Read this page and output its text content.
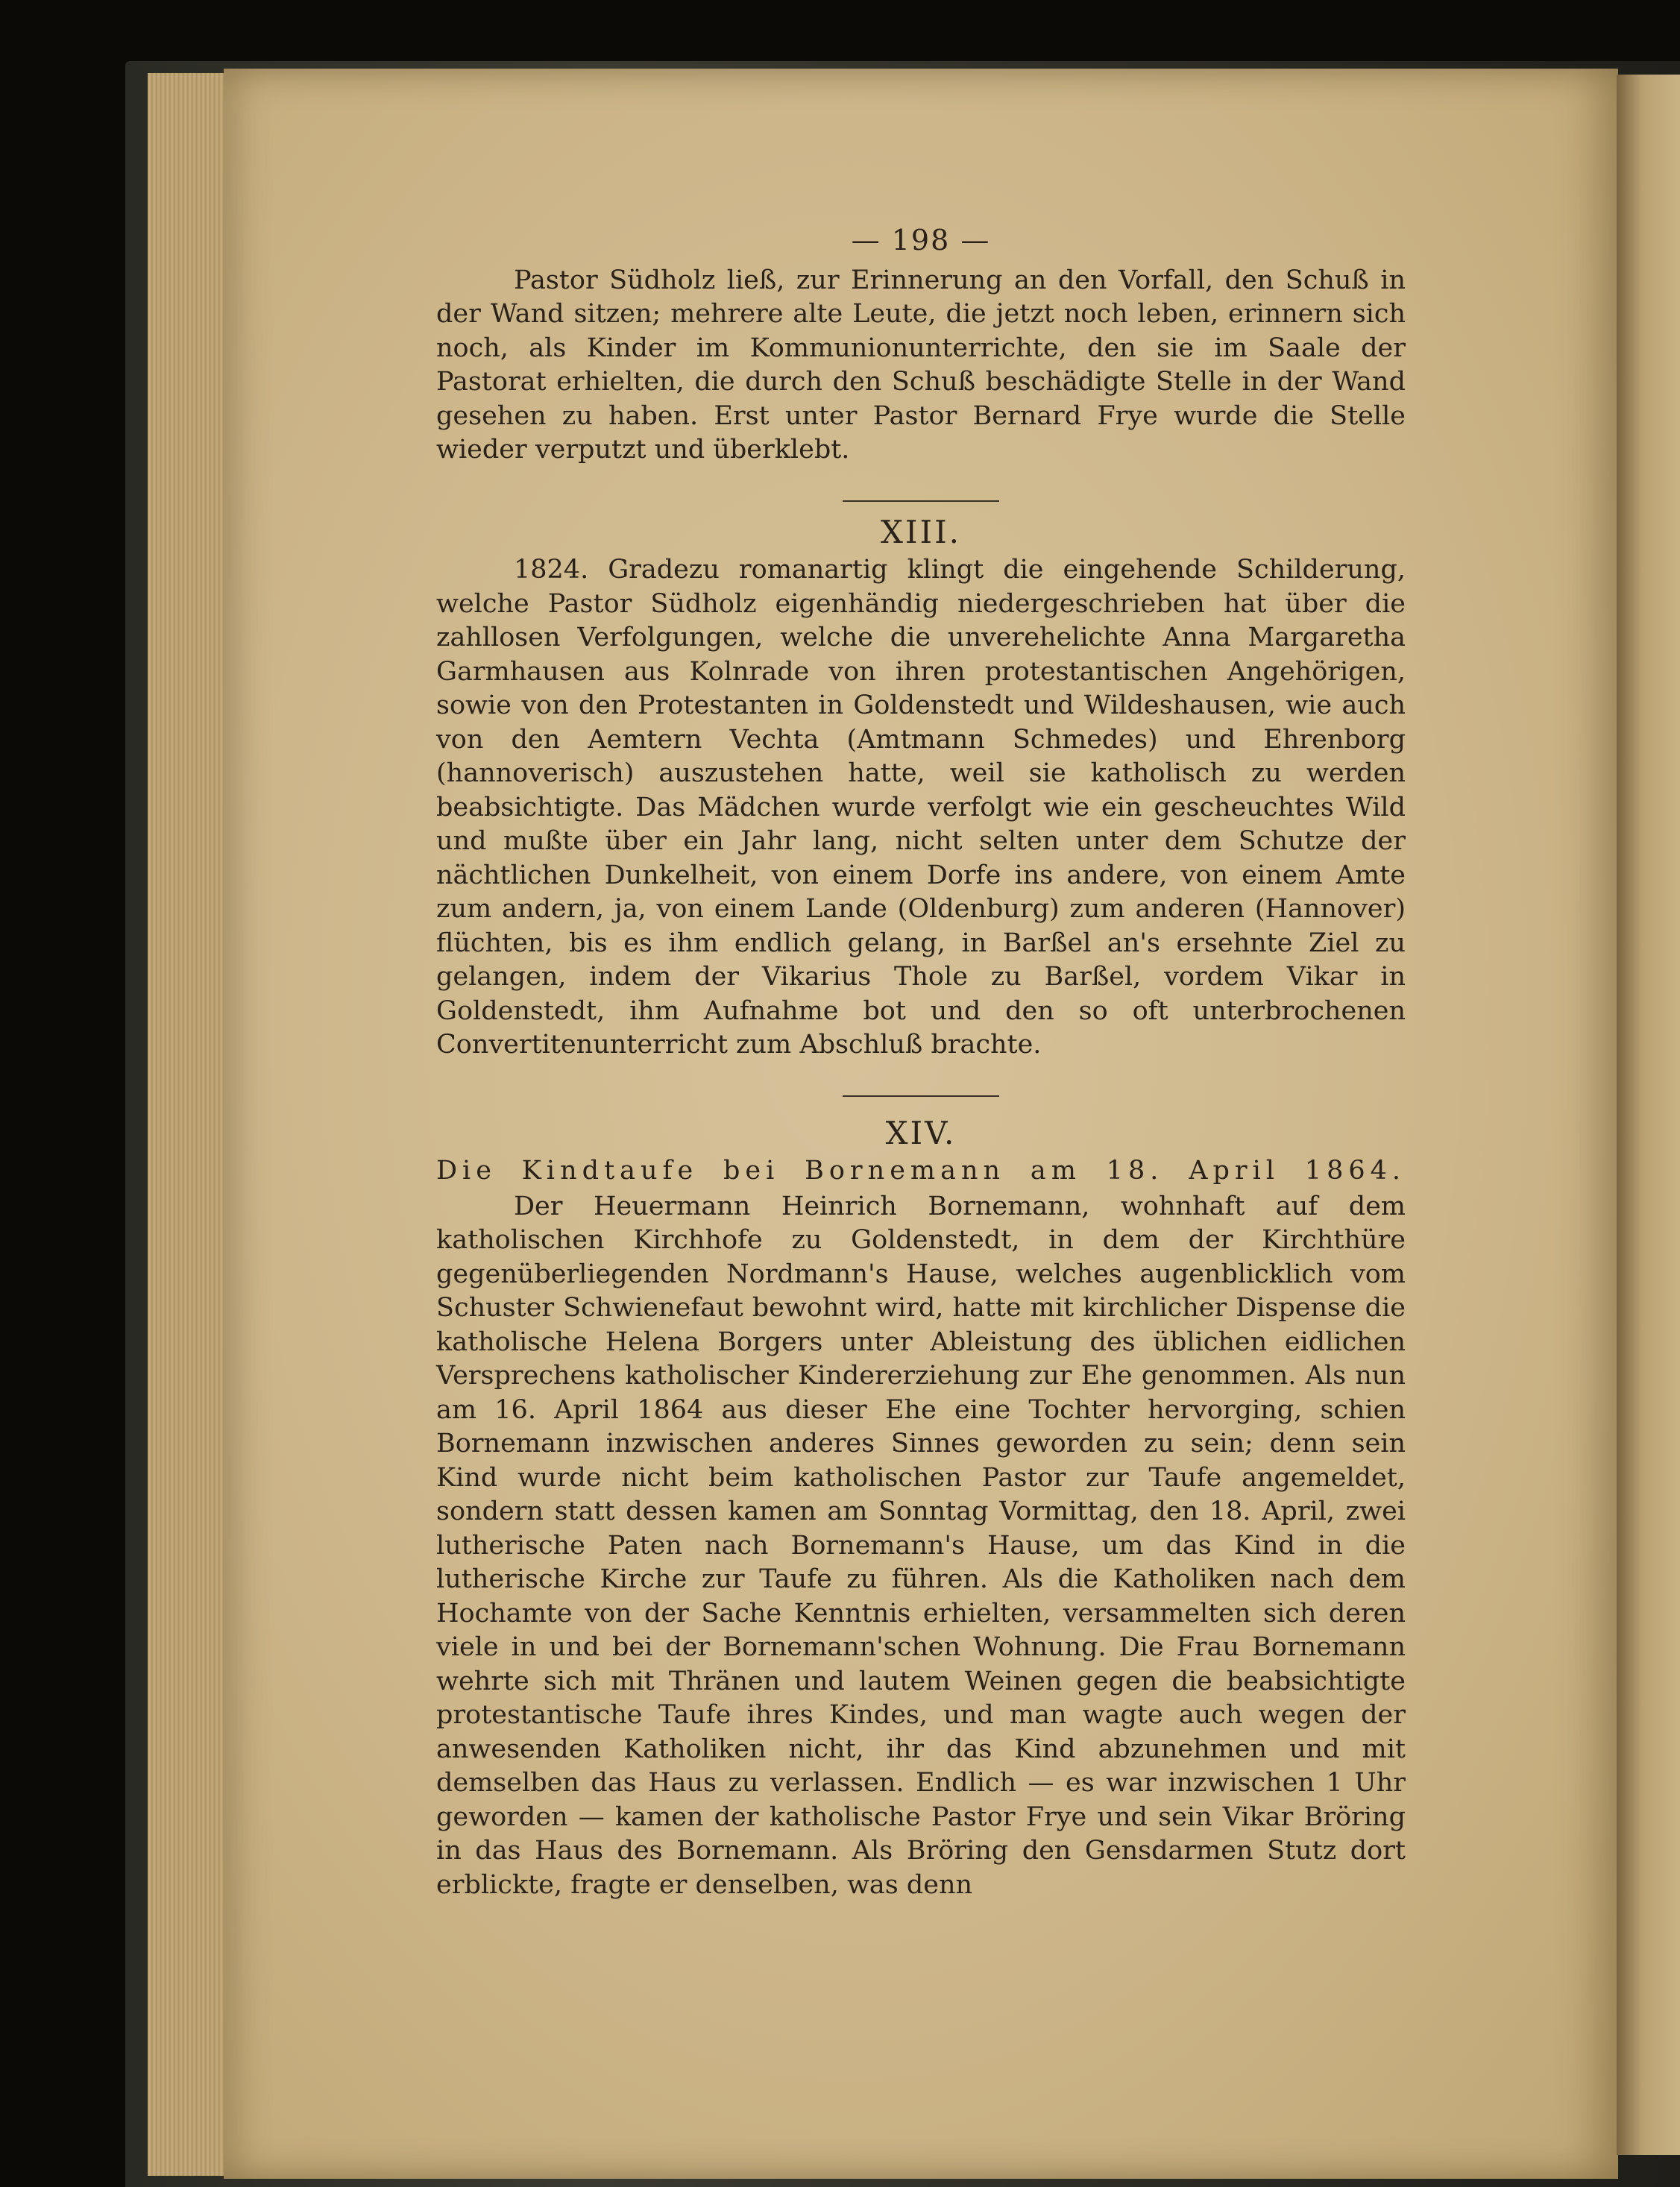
— 198 —

Pastor Südholz ließ, zur Erinnerung an den Vorfall, den Schuß in der Wand sitzen; mehrere alte Leute, die jetzt noch leben, erinnern sich noch, als Kinder im Kommunionunterrichte, den sie im Saale der Pastorat erhielten, die durch den Schuß beschädigte Stelle in der Wand gesehen zu haben. Erst unter Pastor Bernard Frye wurde die Stelle wieder verputzt und überklebt.

XIII.

1824. Gradezu romanartig klingt die eingehende Schilderung, welche Pastor Südholz eigenhändig niedergeschrieben hat über die zahllosen Verfolgungen, welche die unverehelichte Anna Margaretha Garmhausen aus Kolnrade von ihren protestantischen Angehörigen, sowie von den Protestanten in Goldenstedt und Wildeshausen, wie auch von den Aemtern Vechta (Amtmann Schmedes) und Ehrenborg (hannoverisch) auszustehen hatte, weil sie katholisch zu werden beabsichtigte. Das Mädchen wurde verfolgt wie ein gescheuchtes Wild und mußte über ein Jahr lang, nicht selten unter dem Schutze der nächtlichen Dunkelheit, von einem Dorfe ins andere, von einem Amte zum andern, ja, von einem Lande (Oldenburg) zum anderen (Hannover) flüchten, bis es ihm endlich gelang, in Barßel an's ersehnte Ziel zu gelangen, indem der Vikarius Thole zu Barßel, vordem Vikar in Goldenstedt, ihm Aufnahme bot und den so oft unterbrochenen Convertitenunterricht zum Abschluß brachte.

XIV.
Die Kindtaufe bei Bornemann am 18. April 1864.

Der Heuermann Heinrich Bornemann, wohnhaft auf dem katholischen Kirchhofe zu Goldenstedt, in dem der Kirchthüre gegenüberliegenden Nordmann's Hause, welches augenblicklich vom Schuster Schwienefaut bewohnt wird, hatte mit kirchlicher Dispense die katholische Helena Borgers unter Ableistung des üblichen eidlichen Versprechens katholischer Kindererziehung zur Ehe genommen. Als nun am 16. April 1864 aus dieser Ehe eine Tochter hervorging, schien Bornemann inzwischen anderes Sinnes geworden zu sein; denn sein Kind wurde nicht beim katholischen Pastor zur Taufe angemeldet, sondern statt dessen kamen am Sonntag Vormittag, den 18. April, zwei lutherische Paten nach Bornemann's Hause, um das Kind in die lutherische Kirche zur Taufe zu führen. Als die Katholiken nach dem Hochamte von der Sache Kenntnis erhielten, versammelten sich deren viele in und bei der Bornemann'schen Wohnung. Die Frau Bornemann wehrte sich mit Thränen und lautem Weinen gegen die beabsichtigte protestantische Taufe ihres Kindes, und man wagte auch wegen der anwesenden Katholiken nicht, ihr das Kind abzunehmen und mit demselben das Haus zu verlassen. Endlich — es war inzwischen 1 Uhr geworden — kamen der katholische Pastor Frye und sein Vikar Bröring in das Haus des Bornemann. Als Bröring den Gensdarmen Stutz dort erblickte, fragte er denselben, was denn
